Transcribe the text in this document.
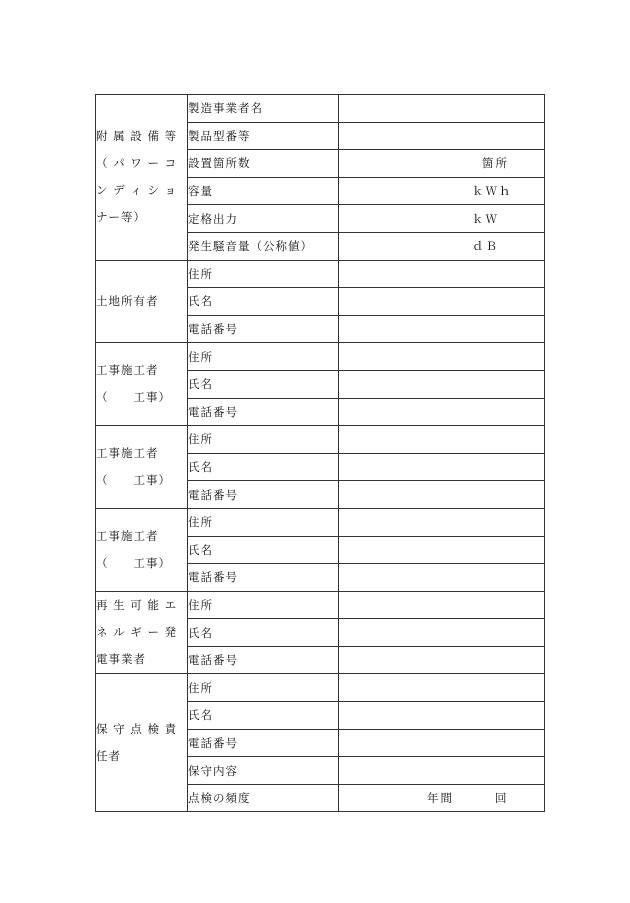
附 属 設 備 等
（ パ ワ ー コ
ン デ ィ シ ョ
ナー等）	製造事業者名	
	製品型番等	
	設置箇所数	箇所

	容量	ｋＷｈ

	定格出力	ｋＷ

	発生騒音量（公称値）	ｄＢ

土地所有者	住所	
	氏名	
	電話番号	

工事施工者
（　　工事）	住所	
	氏名	
	電話番号	

工事施工者
（　　工事）	住所	
	氏名	
	電話番号	

工事施工者
（　　工事）	住所	
	氏名	
	電話番号	

再 生 可 能 エ
ネ ル ギ ー 発
電事業者	住所	
	氏名	
	電話番号	

保 守 点 検 責
任者	住所	
	氏名	
	電話番号	
	保守内容	
	点検の頻度	年間 回
